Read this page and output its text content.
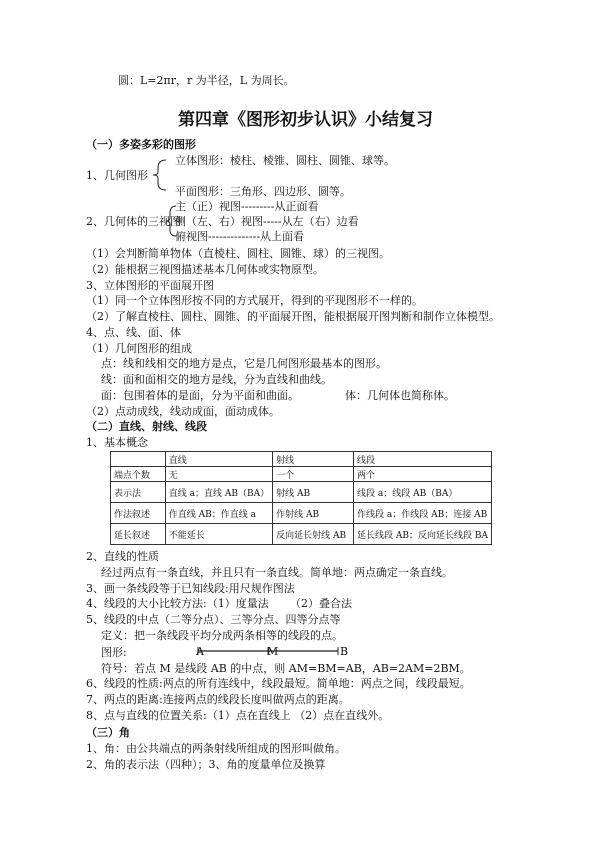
圆：L=2πr，r 为半径，L 为周长。
第四章《图形初步认识》小结复习
（一）多姿多彩的图形
立体图形：棱柱、棱锥、圆柱、圆锥、球等。
1、几何图形
平面图形：三角形、四边形、圆等。
主（正）视图---------从正面看
2、几何体的三视图
侧（左、右）视图-----从左（右）边看
俯视图--------------从上面看
（1）会判断简单物体（直棱柱、圆柱、圆锥、球）的三视图。
（2）能根据三视图描述基本几何体或实物原型。
3、立体图形的平面展开图
（1）同一个立体图形按不同的方式展开，得到的平现图形不一样的。
（2）了解直棱柱、圆柱、圆锥、的平面展开图，能根据展开图判断和制作立体模型。
4、点、线、面、体
（1）几何图形的组成
点：线和线相交的地方是点，它是几何图形最基本的图形。
线：面和面相交的地方是线，分为直线和曲线。
面：包围着体的是面，分为平面和曲面。	体：几何体也简称体。
（2）点动成线，线动成面，面动成体。
（二）直线、射线、线段
1、基本概念
	直线	射线	线段
端点个数	无	一个	两个
表示法	直线 a；直线 AB（BA）	射线 AB	线段 a；线段 AB（BA）
作法叙述	作直线 AB；作直线 a	作射线 AB	作线段 a；作线段 AB；连接 AB
延长叙述	不能延长	反向延长射线 AB	延长线段 AB；反向延长线段 BA
2、直线的性质
经过两点有一条直线，并且只有一条直线。简单地：两点确定一条直线。
3、画一条线段等于已知线段:用尺规作图法
4、线段的大小比较方法:（1）度量法 （2）叠合法
5、线段的中点（二等分点）、三等分点、四等分点等
定义：把一条线段平均分成两条相等的线段的点。
图形:	A	M	B
符号：若点 M 是线段 AB 的中点，则 AM=BM=AB，AB=2AM=2BM。
6、线段的性质:两点的所有连线中，线段最短。简单地：两点之间，线段最短。
7、两点的距离:连接两点的线段长度叫做两点的距离。
8、点与直线的位置关系:（1）点在直线上 （2）点在直线外。
（三）角
1、角：由公共端点的两条射线所组成的图形叫做角。
2、角的表示法（四种）；3、角的度量单位及换算
